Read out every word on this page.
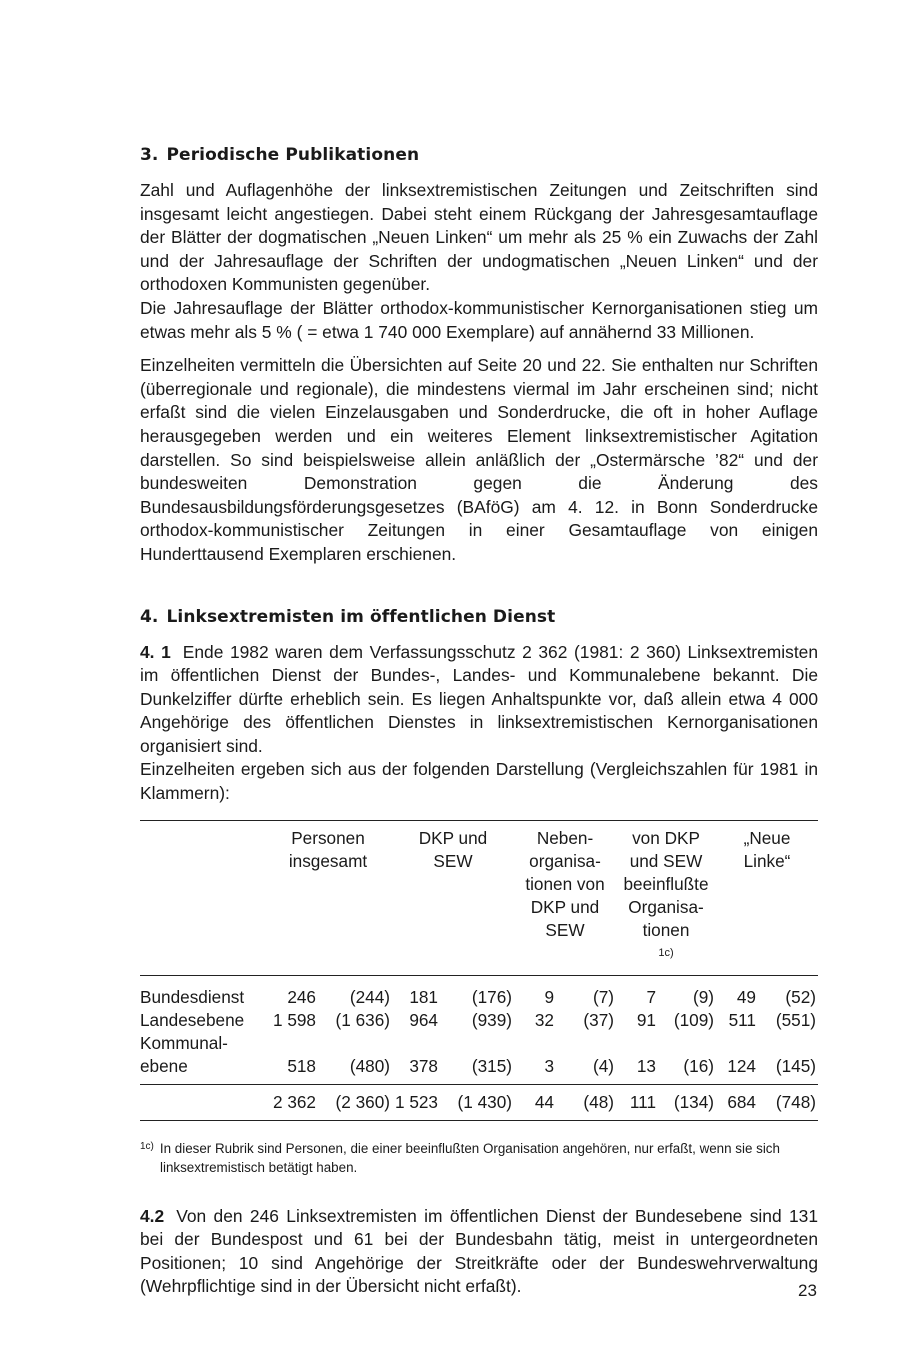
3. Periodische Publikationen

Zahl und Auflagenhöhe der linksextremistischen Zeitungen und Zeitschriften sind insgesamt leicht angestiegen. Dabei steht einem Rückgang der Jahresgesamtauflage der Blätter der dogmatischen „Neuen Linken“ um mehr als 25 % ein Zuwachs der Zahl und der Jahresauflage der Schriften der undogmatischen „Neuen Linken“ und der orthodoxen Kommunisten gegenüber.

Die Jahresauflage der Blätter orthodox-kommunistischer Kernorganisationen stieg um etwas mehr als 5 % ( = etwa 1 740 000 Exemplare) auf annähernd 33 Millionen.

Einzelheiten vermitteln die Übersichten auf Seite 20 und 22. Sie enthalten nur Schriften (überregionale und regionale), die mindestens viermal im Jahr erscheinen sind; nicht erfaßt sind die vielen Einzelausgaben und Sonderdrucke, die oft in hoher Auflage herausgegeben werden und ein weiteres Element linksextremistischer Agitation darstellen. So sind beispielsweise allein anläßlich der „Ostermärsche ’82“ und der bundesweiten Demonstration gegen die Änderung des Bundesausbildungsförderungsgesetzes (BAföG) am 4. 12. in Bonn Sonderdrucke orthodox-kommunistischer Zeitungen in einer Gesamtauflage von einigen Hunderttausend Exemplaren erschienen.

4. Linksextremisten im öffentlichen Dienst

4. 1 Ende 1982 waren dem Verfassungsschutz 2 362 (1981: 2 360) Linksextremisten im öffentlichen Dienst der Bundes-, Landes- und Kommunalebene bekannt. Die Dunkelziffer dürfte erheblich sein. Es liegen Anhaltspunkte vor, daß allein etwa 4 000 Angehörige des öffentlichen Dienstes in linksextremistischen Kernorganisationen organisiert sind.

Einzelheiten ergeben sich aus der folgenden Darstellung (Vergleichszahlen für 1981 in Klammern):

	Personen insgesamt		DKP und SEW		Neben-organisa-tionen von DKP und SEW		von DKP und SEW beeinflußte Organisa-tionen$^{1c)}$		„Neue Linke“	
Bundesdienst	246	(244)	181	(176)	9	(7)	7	(9)	49	(52)
Landesebene	1 598	(1 636)	964	(939)	32	(37)	91	(109)	511	(551)
Kommunal-										
ebene	518	(480)	378	(315)	3	(4)	13	(16)	124	(145)
	2 362	(2 360)	1 523	(1 430)	44	(48)	111	(134)	684	(748)
$^{1c)}$ In dieser Rubrik sind Personen, die einer beeinflußten Organisation angehören, nur erfaßt, wenn sie sich linksextremistisch betätigt haben.

4.2 Von den 246 Linksextremisten im öffentlichen Dienst der Bundesebene sind 131 bei der Bundespost und 61 bei der Bundesbahn tätig, meist in untergeordneten Positionen; 10 sind Angehörige der Streitkräfte oder der Bundeswehrverwaltung (Wehrpflichtige sind in der Übersicht nicht erfaßt).	23
